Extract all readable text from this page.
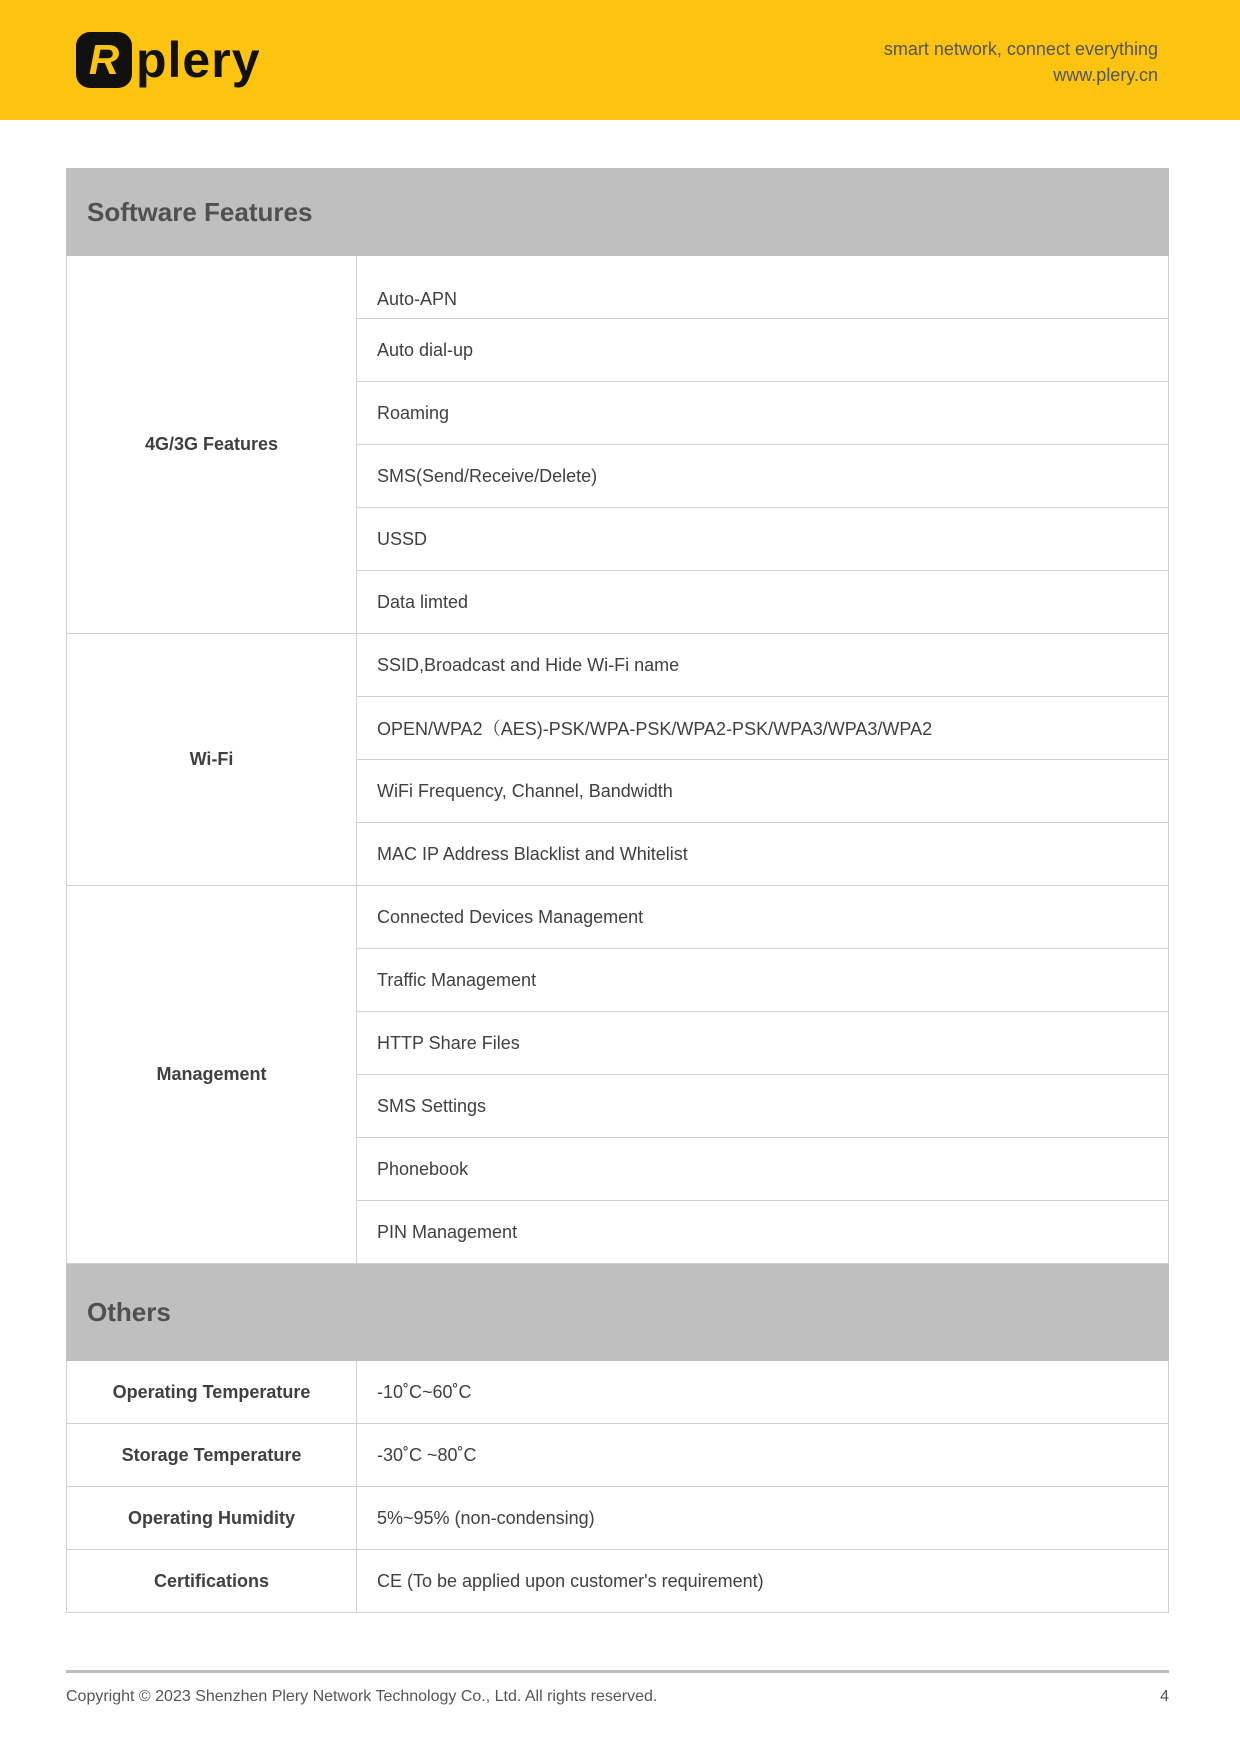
R plery	smart network, connect everything
www.plery.cn
Software Features	
4G/3G Features	Auto-APN
	Auto dial-up
	Roaming
	SMS(Send/Receive/Delete)
	USSD
	Data limted
Wi-Fi	SSID,Broadcast and Hide Wi-Fi name
	OPEN/WPA2（AES)-PSK/WPA-PSK/WPA2-PSK/WPA3/WPA3/WPA2
	WiFi Frequency, Channel, Bandwidth
	MAC IP Address Blacklist and Whitelist
Management	Connected Devices Management
	Traffic Management
	HTTP Share Files
	SMS Settings
	Phonebook
	PIN Management
Others	
Operating Temperature	-10˚C~60˚C
Storage Temperature	-30˚C ~80˚C
Operating Humidity	5%~95% (non-condensing)
Certifications	CE (To be applied upon customer's requirement)
Copyright © 2023 Shenzhen Plery Network Technology Co., Ltd. All rights reserved.	4
